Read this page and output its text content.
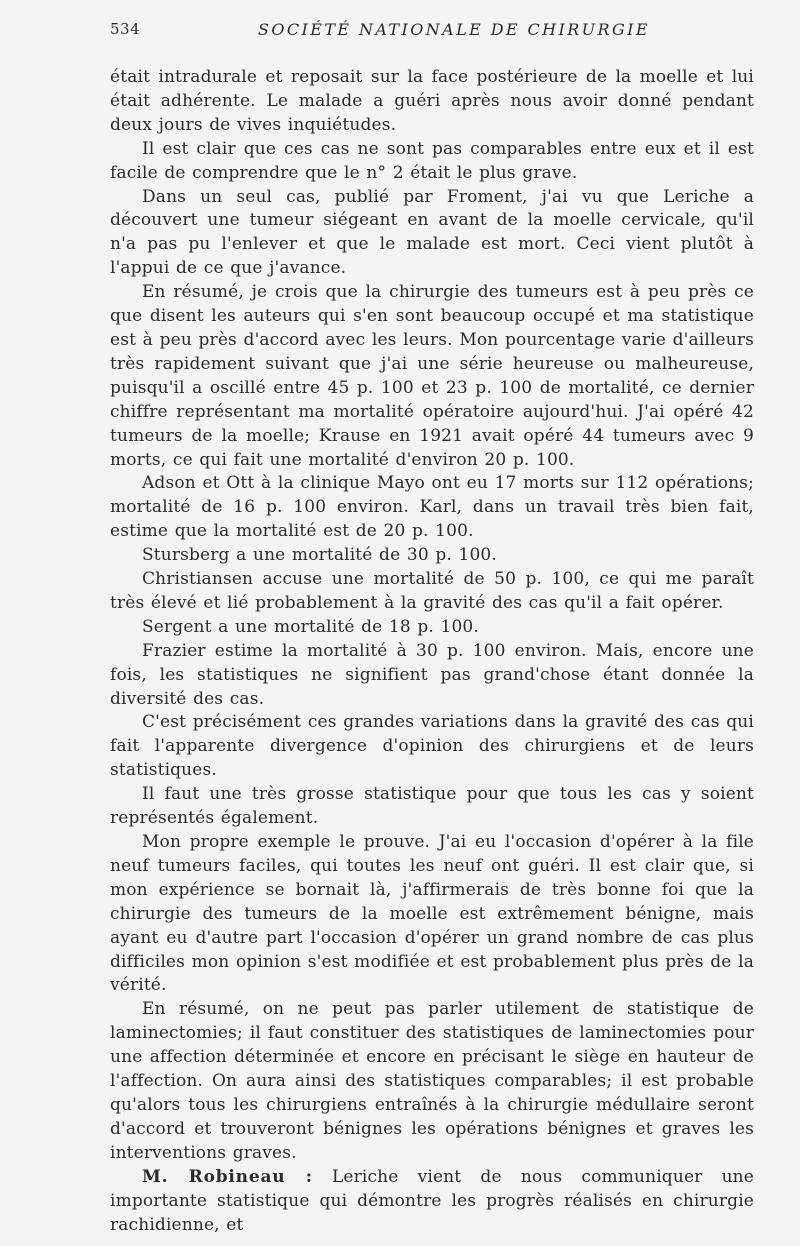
534	SOCIÉTÉ NATIONALE DE CHIRURGIE

était intradurale et reposait sur la face postérieure de la moelle et lui était adhérente. Le malade a guéri après nous avoir donné pendant deux jours de vives inquiétudes.

Il est clair que ces cas ne sont pas comparables entre eux et il est facile de comprendre que le n° 2 était le plus grave.

Dans un seul cas, publié par Froment, j'ai vu que Leriche a découvert une tumeur siégeant en avant de la moelle cervicale, qu'il n'a pas pu l'enlever et que le malade est mort. Ceci vient plutôt à l'appui de ce que j'avance.

En résumé, je crois que la chirurgie des tumeurs est à peu près ce que disent les auteurs qui s'en sont beaucoup occupé et ma statistique est à peu près d'accord avec les leurs. Mon pourcentage varie d'ailleurs très rapidement suivant que j'ai une série heureuse ou malheureuse, puisqu'il a oscillé entre 45 p. 100 et 23 p. 100 de mortalité, ce dernier chiffre représentant ma mortalité opératoire aujourd'hui. J'ai opéré 42 tumeurs de la moelle; Krause en 1921 avait opéré 44 tumeurs avec 9 morts, ce qui fait une mortalité d'environ 20 p. 100.

Adson et Ott à la clinique Mayo ont eu 17 morts sur 112 opérations; mortalité de 16 p. 100 environ. Karl, dans un travail très bien fait, estime que la mortalité est de 20 p. 100.

Stursberg a une mortalité de 30 p. 100.

Christiansen accuse une mortalité de 50 p. 100, ce qui me paraît très élevé et lié probablement à la gravité des cas qu'il a fait opérer.

Sergent a une mortalité de 18 p. 100.

Frazier estime la mortalité à 30 p. 100 environ. Mais, encore une fois, les statistiques ne signifient pas grand'chose étant donnée la diversité des cas.

C'est précisément ces grandes variations dans la gravité des cas qui fait l'apparente divergence d'opinion des chirurgiens et de leurs statistiques.

Il faut une très grosse statistique pour que tous les cas y soient représentés également.

Mon propre exemple le prouve. J'ai eu l'occasion d'opérer à la file neuf tumeurs faciles, qui toutes les neuf ont guéri. Il est clair que, si mon expérience se bornait là, j'affirmerais de très bonne foi que la chirurgie des tumeurs de la moelle est extrêmement bénigne, mais ayant eu d'autre part l'occasion d'opérer un grand nombre de cas plus difficiles mon opinion s'est modifiée et est probablement plus près de la vérité.

En résumé, on ne peut pas parler utilement de statistique de laminectomies; il faut constituer des statistiques de laminectomies pour une affection déterminée et encore en précisant le siège en hauteur de l'affection. On aura ainsi des statistiques comparables; il est probable qu'alors tous les chirurgiens entraînés à la chirurgie médullaire seront d'accord et trouveront bénignes les opérations bénignes et graves les interventions graves.

M. Robineau : Leriche vient de nous communiquer une importante statistique qui démontre les progrès réalisés en chirurgie rachidienne, et
